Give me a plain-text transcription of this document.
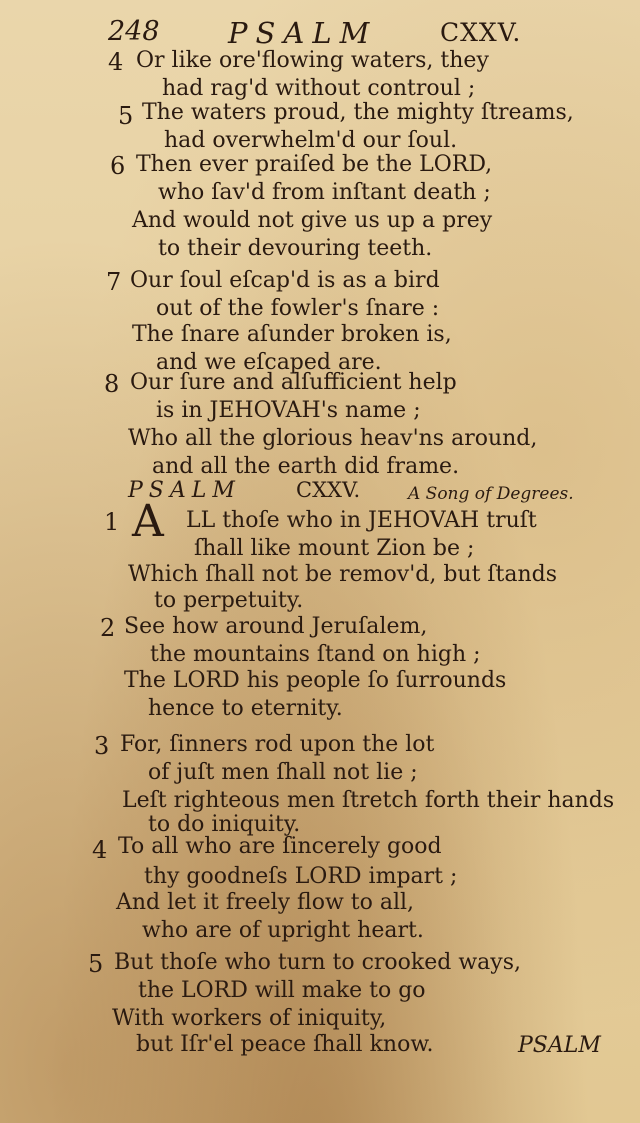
248 PSALM	CXXV.
4 Or like ore'flowing waters, they
had rag'd without controul ;
5 The waters proud, the mighty ſtreams,
had overwhelm'd our ſoul.
6 Then ever praiſed be the LORD,
who ſav'd from inſtant death ;
And would not give us up a prey
to their devouring teeth.
7 Our ſoul eſcap'd is as a bird
out of the fowler's ſnare :
The ſnare aſunder broken is,
and we eſcaped are.
8 Our ſure and alſufficient help
is in JEHOVAH's name ;
Who all the glorious heav'ns around,
and all the earth did frame.
PSALM	CXXV.	A Song of Degrees.
1 A LL thoſe who in JEHOVAH truſt
ſhall like mount Zion be ;
Which ſhall not be remov'd, but ſtands
to perpetuity.
2 See how around Jeruſalem,
the mountains ſtand on high ;
The LORD his people ſo ſurrounds
hence to eternity.
3 For, ſinners rod upon the lot
of juſt men ſhall not lie ;
Leſt righteous men ſtretch forth their hands
to do iniquity.
4 To all who are ſincerely good
thy goodneſs LORD impart ;
And let it freely flow to all,
who are of upright heart.
5 But thoſe who turn to crooked ways,
the LORD will make to go
With workers of iniquity,
but Iſr'el peace ſhall know.	PSALM
